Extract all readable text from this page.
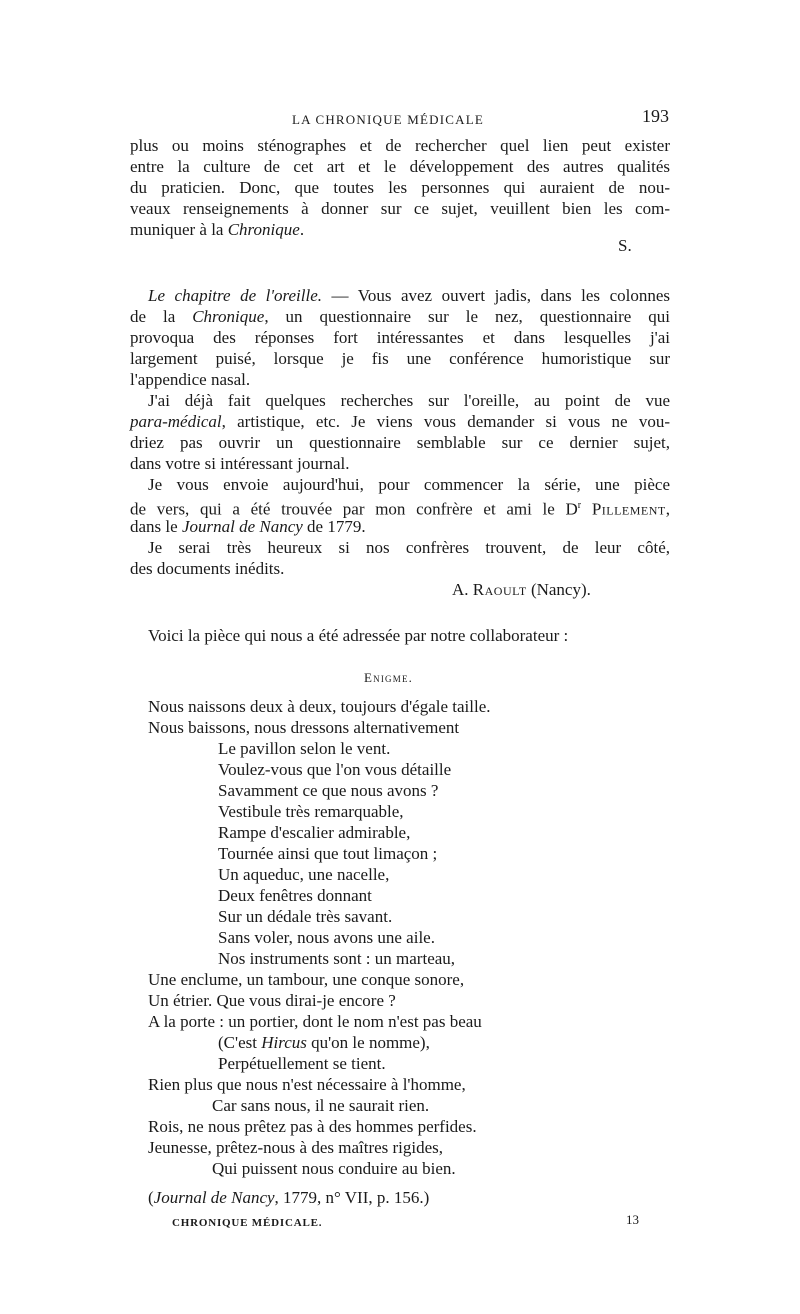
LA CHRONIQUE MÉDICALE	193
plus ou moins sténographes et de rechercher quel lien peut exister
entre la culture de cet art et le développement des autres qualités
du praticien. Donc, que toutes les personnes qui auraient de nou-
veaux renseignements à donner sur ce sujet, veuillent bien les com-
muniquer à la Chronique.
S.
Le chapitre de l'oreille. — Vous avez ouvert jadis, dans les colonnes
de la Chronique, un questionnaire sur le nez, questionnaire qui
provoqua des réponses fort intéressantes et dans lesquelles j'ai
largement puisé, lorsque je fis une conférence humoristique sur
l'appendice nasal.
J'ai déjà fait quelques recherches sur l'oreille, au point de vue
para-médical, artistique, etc. Je viens vous demander si vous ne vou-
driez pas ouvrir un questionnaire semblable sur ce dernier sujet,
dans votre si intéressant journal.
Je vous envoie aujourd'hui, pour commencer la série, une pièce
de vers, qui a été trouvée par mon confrère et ami le $D^r$ Pillement,
dans le Journal de Nancy de 1779.
Je serai très heureux si nos confrères trouvent, de leur côté,
des documents inédits.
A. Raoult (Nancy).
Voici la pièce qui nous a été adressée par notre collaborateur :
Enigme.
Nous naissons deux à deux, toujours d'égale taille.
Nous baissons, nous dressons alternativement
Le pavillon selon le vent.
Voulez-vous que l'on vous détaille
Savamment ce que nous avons ?
Vestibule très remarquable,
Rampe d'escalier admirable,
Tournée ainsi que tout limaçon ;
Un aqueduc, une nacelle,
Deux fenêtres donnant
Sur un dédale très savant.
Sans voler, nous avons une aile.
Nos instruments sont : un marteau,
Une enclume, un tambour, une conque sonore,
Un étrier. Que vous dirai-je encore ?
A la porte : un portier, dont le nom n'est pas beau
(C'est Hircus qu'on le nomme),
Perpétuellement se tient.
Rien plus que nous n'est nécessaire à l'homme,
Car sans nous, il ne saurait rien.
Rois, ne nous prêtez pas à des hommes perfides.
Jeunesse, prêtez-nous à des maîtres rigides,
Qui puissent nous conduire au bien.
(Journal de Nancy, 1779, n° VII, p. 156.)
CHRONIQUE MÉDICALE.	13
